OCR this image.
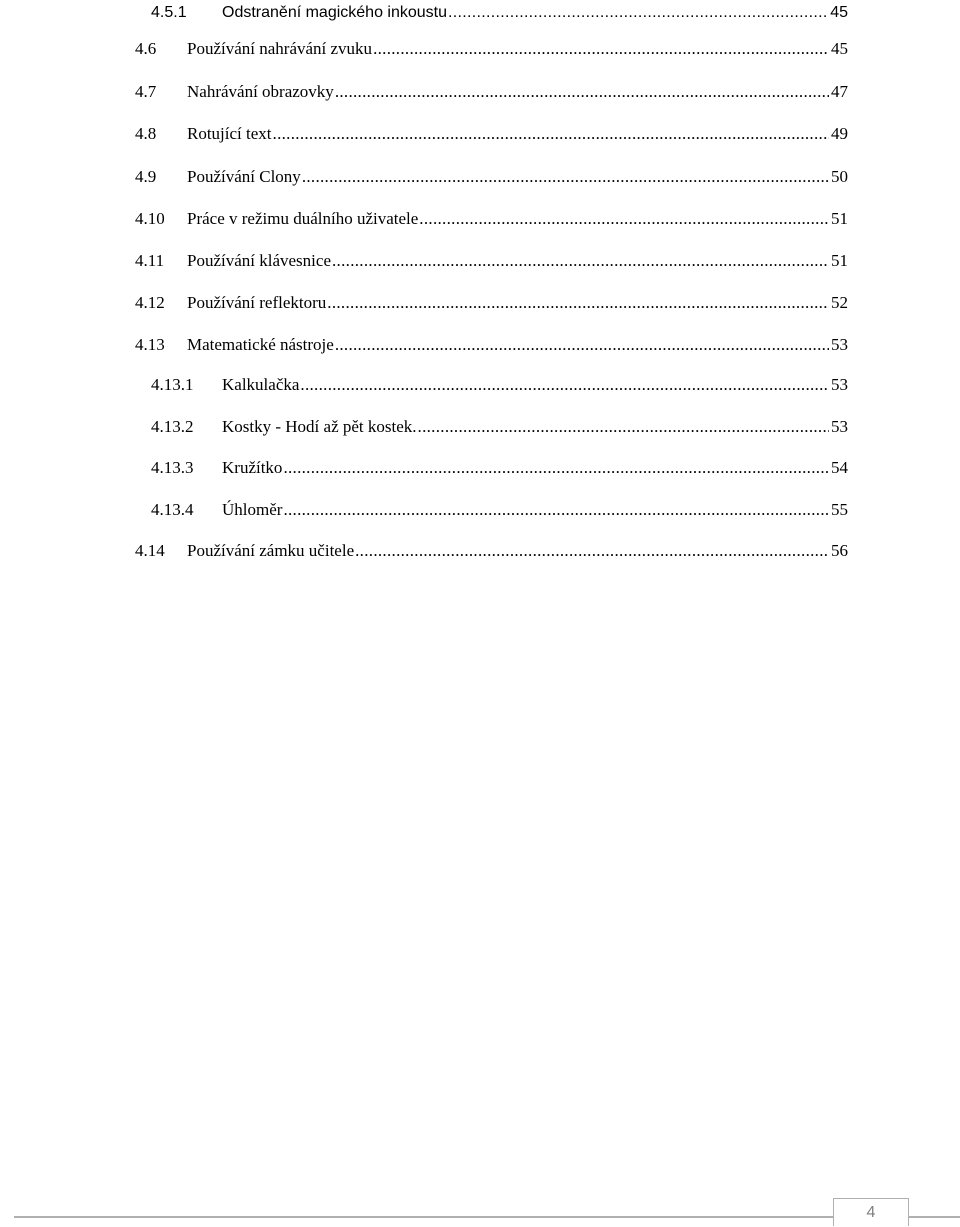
4.5.1 Odstranění magického inkoustu .....	45
4.6 Používání nahrávání zvuku .....	45
4.7 Nahrávání obrazovky .....	47
4.8 Rotující text .....	49
4.9 Používání Clony .....	50
4.10 Práce v režimu duálního uživatele .....	51
4.11 Používání klávesnice .....	51
4.12 Používání reflektoru .....	52
4.13 Matematické nástroje .....	53
4.13.1 Kalkulačka .....	53
4.13.2 Kostky - Hodí až pět kostek. .....	53
4.13.3 Kružítko .....	54
4.13.4 Úhloměr .....	55
4.14 Používání zámku učitele .....	56
4
